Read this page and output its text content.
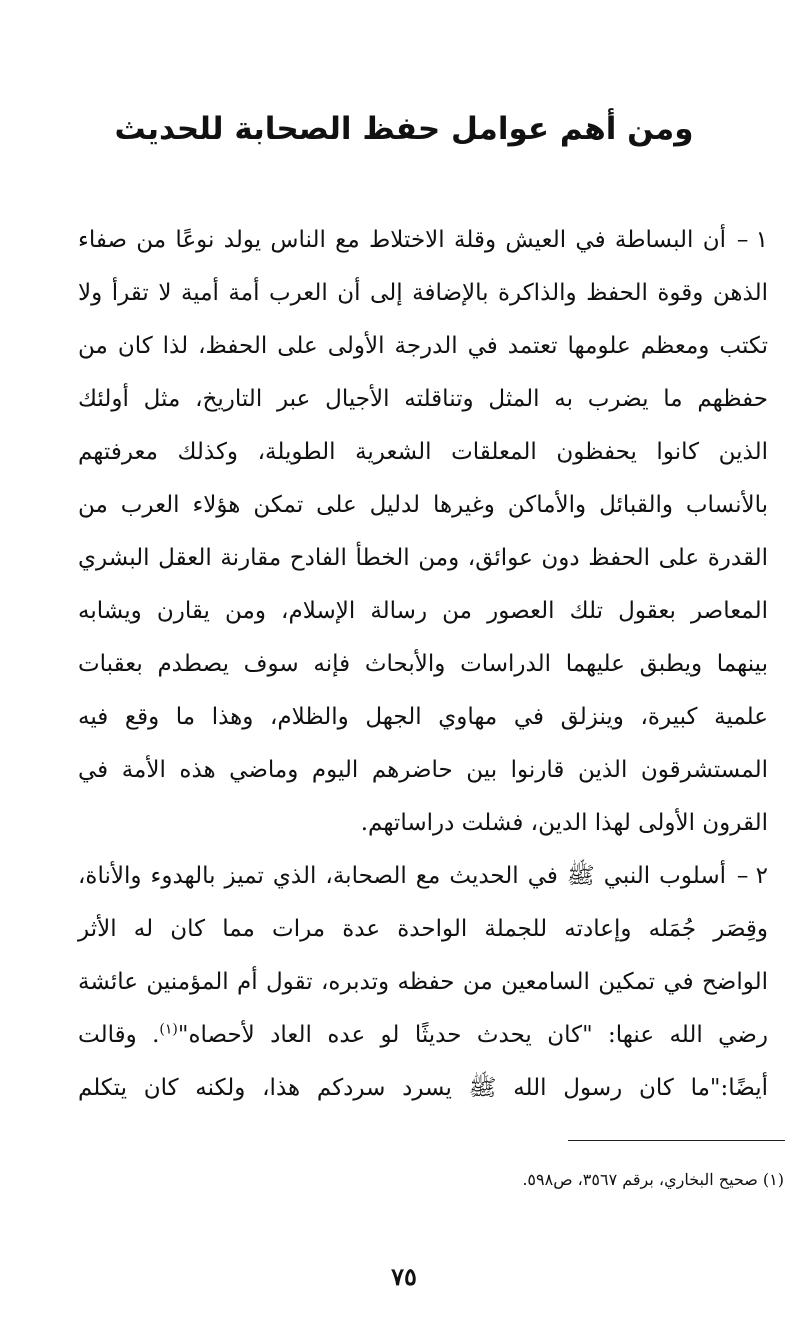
ومن أهم عوامل حفظ الصحابة للحديث
١ –
أن البساطة في العيش وقلة الاختلاط مع الناس يولد نوعًا من صفاء
الذهن وقوة الحفظ والذاكرة بالإضافة إلى أن العرب أمة أمية لا تقرأ ولا
تكتب ومعظم علومها تعتمد في الدرجة الأولى على الحفظ، لذا كان من
حفظهم ما يضرب به المثل وتناقلته الأجيال عبر التاريخ، مثل أولئك
الذين كانوا يحفظون المعلقات الشعرية الطويلة، وكذلك معرفتهم
بالأنساب والقبائل والأماكن وغيرها لدليل على تمكن هؤلاء العرب من
القدرة على الحفظ دون عوائق، ومن الخطأ الفادح مقارنة العقل البشري
المعاصر بعقول تلك العصور من رسالة الإسلام، ومن يقارن ويشابه
بينهما ويطبق عليهما الدراسات والأبحاث فإنه سوف يصطدم بعقبات
علمية كبيرة، وينزلق في مهاوي الجهل والظلام، وهذا ما وقع فيه
المستشرقون الذين قارنوا بين حاضرهم اليوم وماضي هذه الأمة في
القرون الأولى لهذا الدين، فشلت دراساتهم.
٢ –
أسلوب النبي ﷺ في الحديث مع الصحابة، الذي تميز بالهدوء والأناة،
وقِصَر جُمَله وإعادته للجملة الواحدة عدة مرات مما كان له الأثر
الواضح في تمكين السامعين من حفظه وتدبره، تقول أم المؤمنين عائشة
رضي الله عنها: "كان يحدث حديثًا لو عده العاد لأحصاه"$^{(١)}$. وقالت
أيضًا:"ما كان رسول الله ﷺ يسرد سردكم هذا، ولكنه كان يتكلم
(١) صحيح البخاري، برقم ٣٥٦٧، ص٥٩٨.
٧٥
